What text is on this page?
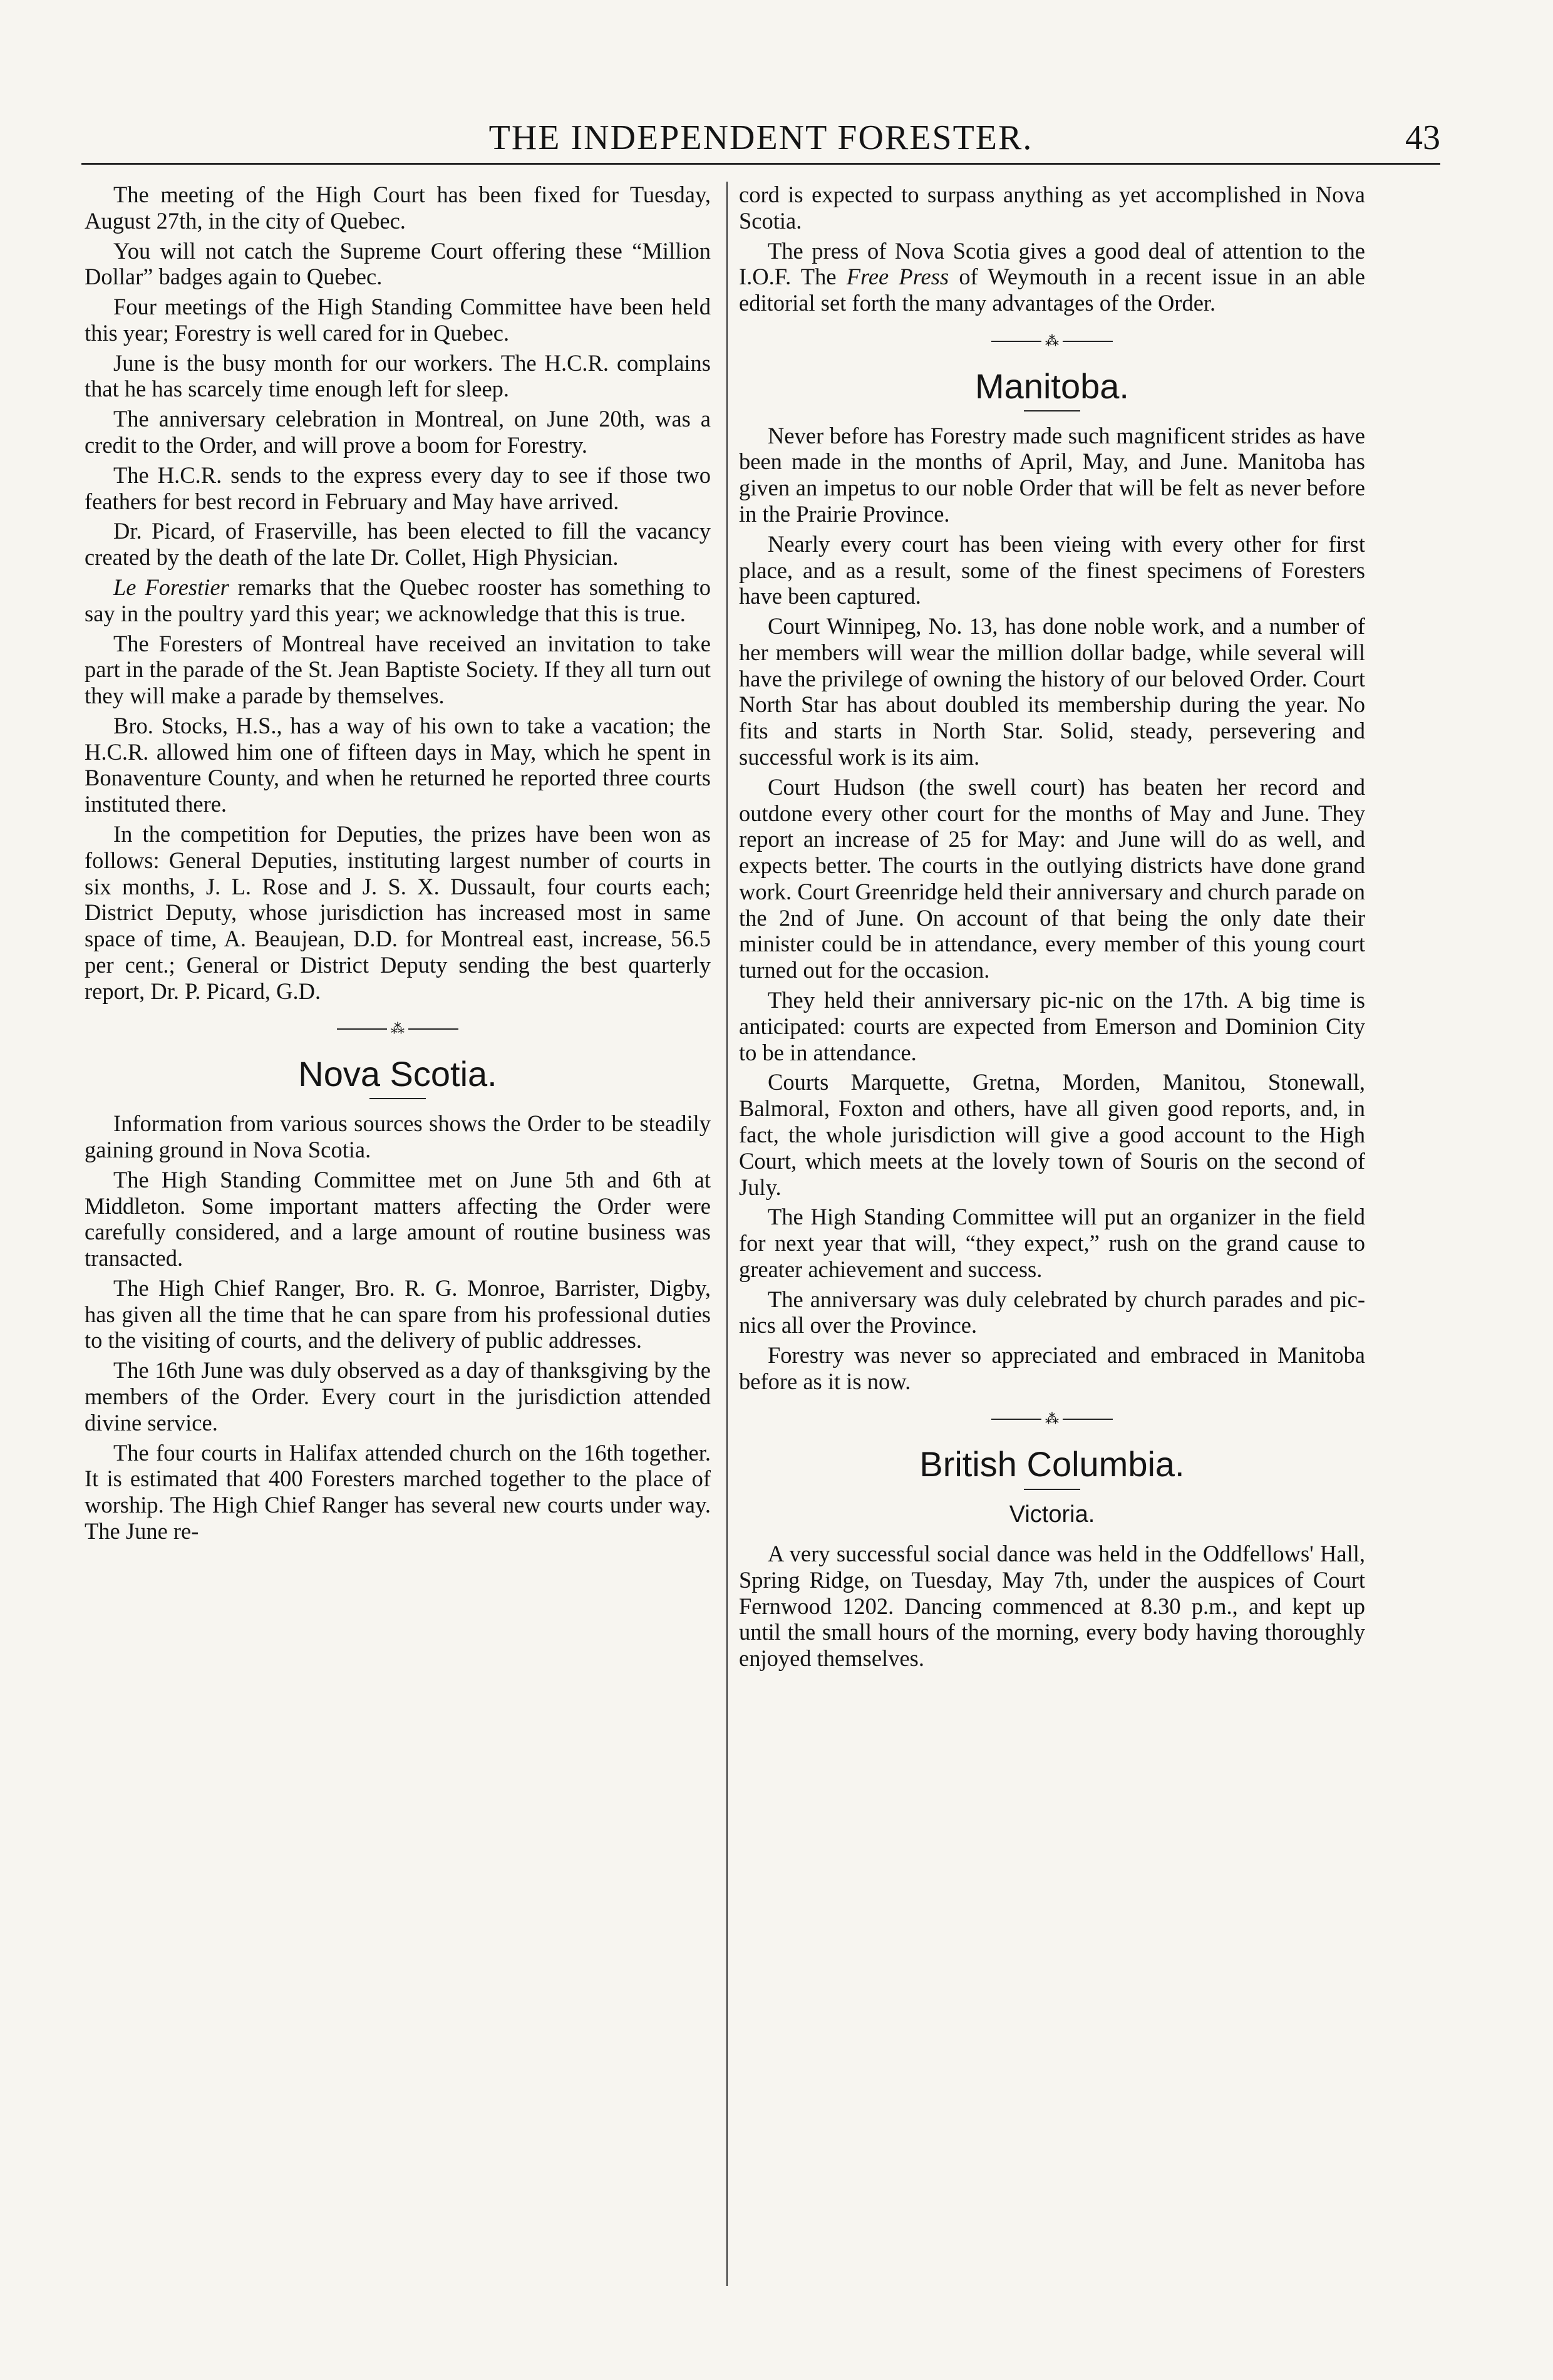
THE INDEPENDENT FORESTER.	43

The meeting of the High Court has been fixed for Tuesday, August 27th, in the city of Quebec.

You will not catch the Supreme Court offering these “Million Dollar” badges again to Quebec.

Four meetings of the High Standing Committee have been held this year; Forestry is well cared for in Quebec.

June is the busy month for our workers. The H.C.R. complains that he has scarcely time enough left for sleep.

The anniversary celebration in Montreal, on June 20th, was a credit to the Order, and will prove a boom for Forestry.

The H.C.R. sends to the express every day to see if those two feathers for best record in February and May have arrived.

Dr. Picard, of Fraserville, has been elected to fill the vacancy created by the death of the late Dr. Collet, High Physician.

Le Forestier remarks that the Quebec rooster has something to say in the poultry yard this year; we acknowledge that this is true.

The Foresters of Montreal have received an invitation to take part in the parade of the St. Jean Baptiste Society. If they all turn out they will make a parade by themselves.

Bro. Stocks, H.S., has a way of his own to take a vacation; the H.C.R. allowed him one of fifteen days in May, which he spent in Bonaventure County, and when he returned he reported three courts instituted there.

In the competition for Deputies, the prizes have been won as follows: General Deputies, instituting largest number of courts in six months, J. L. Rose and J. S. X. Dussault, four courts each; District Deputy, whose jurisdiction has increased most in same space of time, A. Beaujean, D.D. for Montreal east, increase, 56.5 per cent.; General or District Deputy sending the best quarterly report, Dr. P. Picard, G.D.

⁂
Nova Scotia.

Information from various sources shows the Order to be steadily gaining ground in Nova Scotia.

The High Standing Committee met on June 5th and 6th at Middleton. Some important matters affecting the Order were carefully considered, and a large amount of routine business was transacted.

The High Chief Ranger, Bro. R. G. Monroe, Barrister, Digby, has given all the time that he can spare from his professional duties to the visiting of courts, and the delivery of public addresses.

The 16th June was duly observed as a day of thanksgiving by the members of the Order. Every court in the jurisdiction attended divine service.

The four courts in Halifax attended church on the 16th together. It is estimated that 400 Foresters marched together to the place of worship. The High Chief Ranger has several new courts under way. The June re-

cord is expected to surpass anything as yet accomplished in Nova Scotia.

The press of Nova Scotia gives a good deal of attention to the I.O.F. The Free Press of Weymouth in a recent issue in an able editorial set forth the many advantages of the Order.

⁂
Manitoba.

Never before has Forestry made such magnificent strides as have been made in the months of April, May, and June. Manitoba has given an impetus to our noble Order that will be felt as never before in the Prairie Province.

Nearly every court has been vieing with every other for first place, and as a result, some of the finest specimens of Foresters have been captured.

Court Winnipeg, No. 13, has done noble work, and a number of her members will wear the million dollar badge, while several will have the privilege of owning the history of our beloved Order. Court North Star has about doubled its membership during the year. No fits and starts in North Star. Solid, steady, persevering and successful work is its aim.

Court Hudson (the swell court) has beaten her record and outdone every other court for the months of May and June. They report an increase of 25 for May: and June will do as well, and expects better. The courts in the outlying districts have done grand work. Court Greenridge held their anniversary and church parade on the 2nd of June. On account of that being the only date their minister could be in attendance, every member of this young court turned out for the occasion.

They held their anniversary pic-nic on the 17th. A big time is anticipated: courts are expected from Emerson and Dominion City to be in attendance.

Courts Marquette, Gretna, Morden, Manitou, Stonewall, Balmoral, Foxton and others, have all given good reports, and, in fact, the whole jurisdiction will give a good account to the High Court, which meets at the lovely town of Souris on the second of July.

The High Standing Committee will put an organizer in the field for next year that will, “they expect,” rush on the grand cause to greater achievement and success.

The anniversary was duly celebrated by church parades and pic-nics all over the Province.

Forestry was never so appreciated and embraced in Manitoba before as it is now.

⁂
British Columbia.
Victoria.

A very successful social dance was held in the Oddfellows' Hall, Spring Ridge, on Tuesday, May 7th, under the auspices of Court Fernwood 1202. Dancing commenced at 8.30 p.m., and kept up until the small hours of the morning, every body having thoroughly enjoyed themselves.
